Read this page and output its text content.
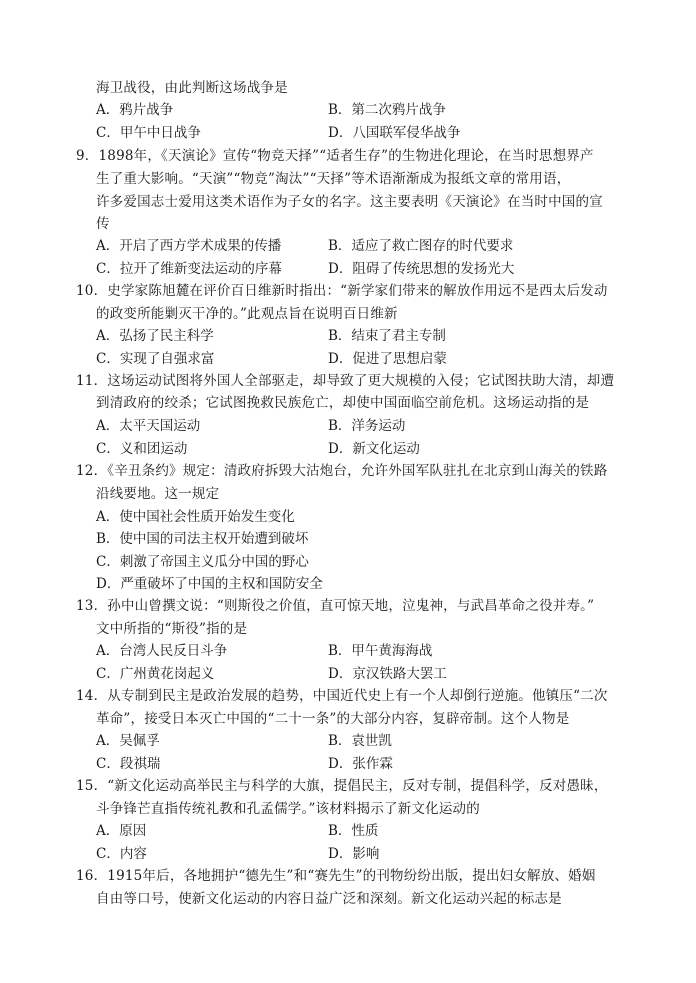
海卫战役，由此判断这场战争是
A．鸦片战争	B．第二次鸦片战争
C．甲午中日战争	D．八国联军侵华战争
9．1898年，《天演论》宣传“物竞天择”“适者生存”的生物进化理论，在当时思想界产
生了重大影响。“天演”“物竞”淘汰”“天择”等术语渐渐成为报纸文章的常用语，
许多爱国志士爱用这类术语作为子女的名字。这主要表明《天演论》在当时中国的宣
传
A．开启了西方学术成果的传播	B．适应了救亡图存的时代要求
C．拉开了维新变法运动的序幕	D．阻碍了传统思想的发扬光大
10．史学家陈旭麓在评价百日维新时指出：“新学家们带来的解放作用远不是西太后发动
的政变所能剿灭干净的。”此观点旨在说明百日维新
A．弘扬了民主科学	B．结束了君主专制
C．实现了自强求富	D．促进了思想启蒙
11．这场运动试图将外国人全部驱走，却导致了更大规模的入侵；它试图扶助大清，却遭
到清政府的绞杀；它试图挽救民族危亡，却使中国面临空前危机。这场运动指的是
A．太平天国运动	B．洋务运动
C．义和团运动	D．新文化运动
12．《辛丑条约》规定：清政府拆毁大沽炮台，允许外国军队驻扎在北京到山海关的铁路
沿线要地。这一规定
A．使中国社会性质开始发生变化
B．使中国的司法主权开始遭到破坏
C．刺激了帝国主义瓜分中国的野心
D．严重破坏了中国的主权和国防安全
13．孙中山曾撰文说：“则斯役之价值，直可惊天地，泣鬼神，与武昌革命之役并寿。”
文中所指的“斯役”指的是
A．台湾人民反日斗争	B．甲午黄海海战
C．广州黄花岗起义	D．京汉铁路大罢工
14．从专制到民主是政治发展的趋势，中国近代史上有一个人却倒行逆施。他镇压“二次
革命”，接受日本灭亡中国的“二十一条”的大部分内容，复辟帝制。这个人物是
A．吴佩孚	B．袁世凯
C．段祺瑞	D．张作霖
15．“新文化运动高举民主与科学的大旗，提倡民主，反对专制，提倡科学，反对愚昧，
斗争锋芒直指传统礼教和孔孟儒学。”该材料揭示了新文化运动的
A．原因	B．性质
C．内容	D．影响
16．1915年后，各地拥护“德先生”和“赛先生”的刊物纷纷出版，提出妇女解放、婚姻
自由等口号，使新文化运动的内容日益广泛和深刻。新文化运动兴起的标志是
